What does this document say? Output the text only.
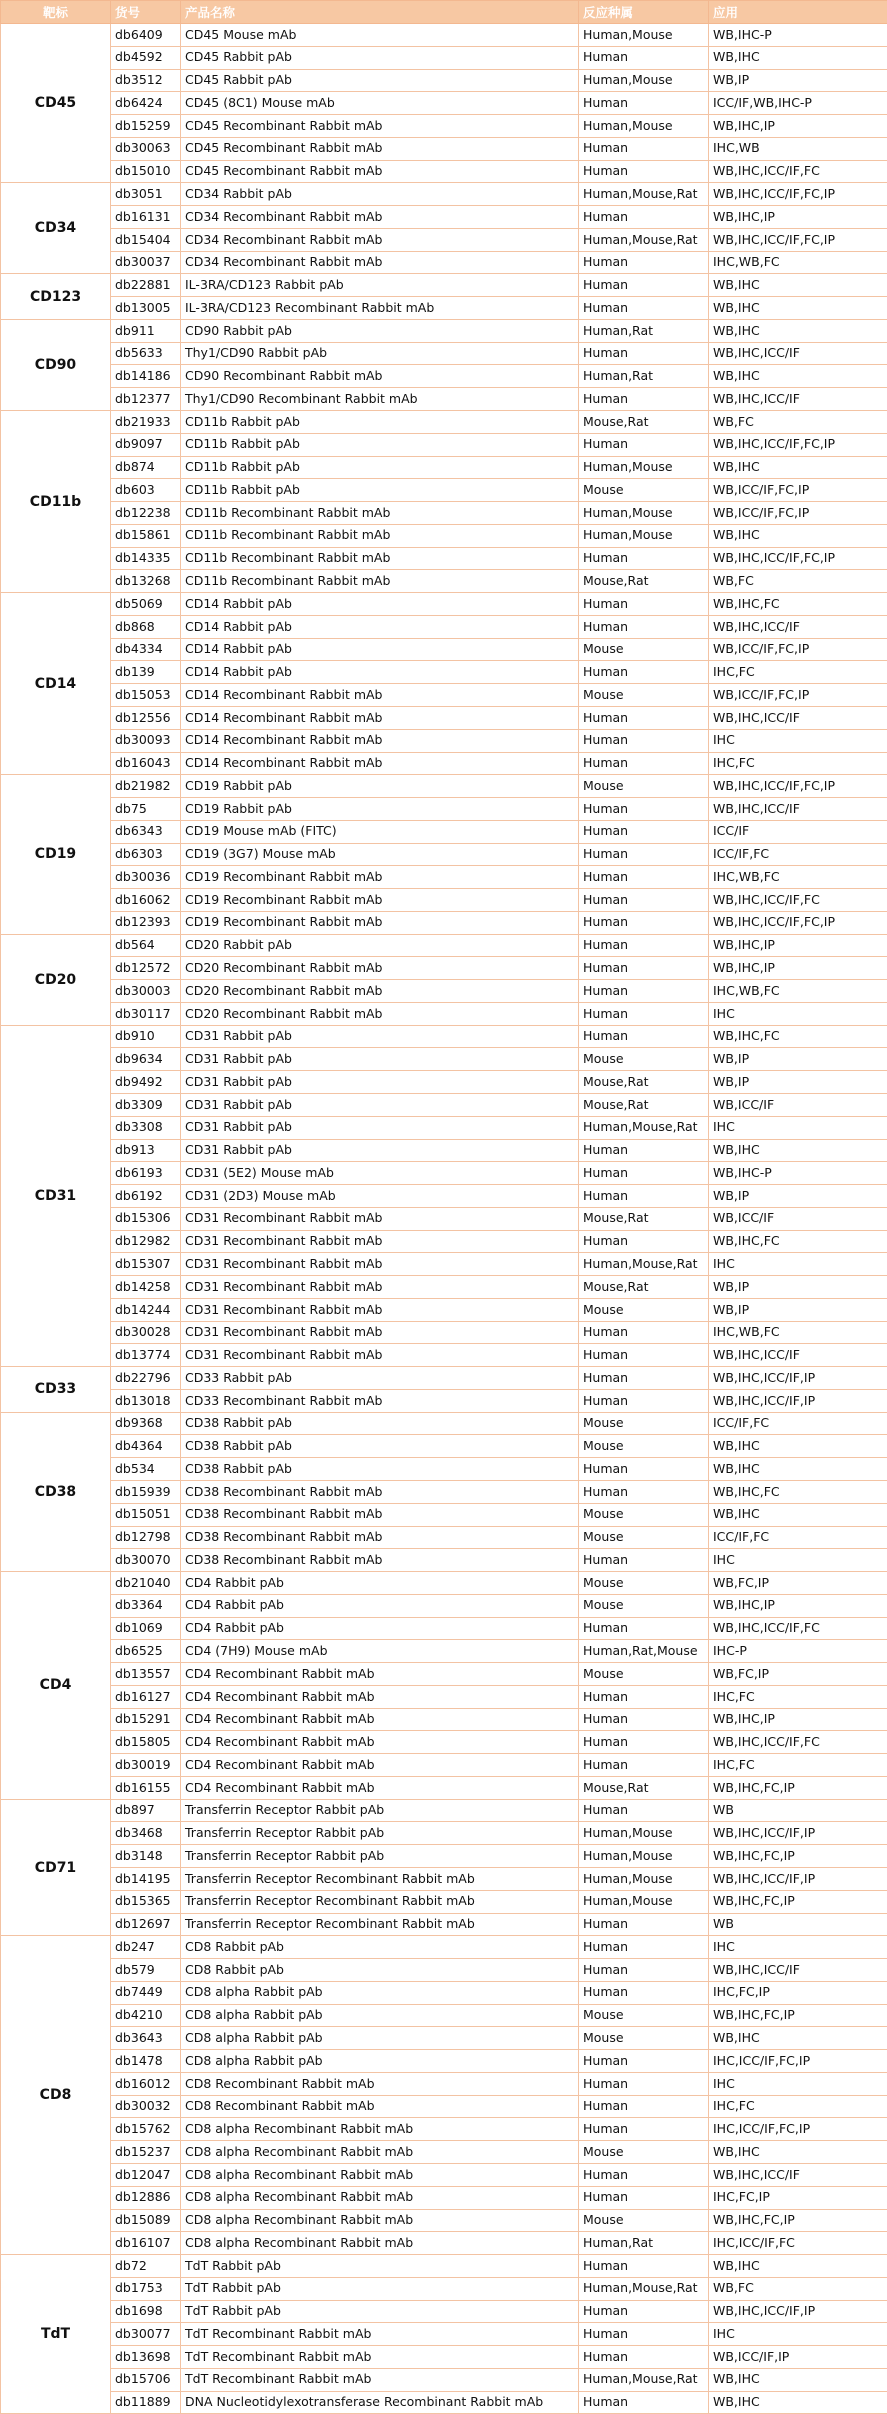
靶标	货号	产品名称	反应种属	应用
CD45	db6409	CD45 Mouse mAb	Human,Mouse	WB,IHC-P
	db4592	CD45 Rabbit pAb	Human	WB,IHC
	db3512	CD45 Rabbit pAb	Human,Mouse	WB,IP
	db6424	CD45 (8C1) Mouse mAb	Human	ICC/IF,WB,IHC-P
	db15259	CD45 Recombinant Rabbit mAb	Human,Mouse	WB,IHC,IP
	db30063	CD45 Recombinant Rabbit mAb	Human	IHC,WB
	db15010	CD45 Recombinant Rabbit mAb	Human	WB,IHC,ICC/IF,FC
CD34	db3051	CD34 Rabbit pAb	Human,Mouse,Rat	WB,IHC,ICC/IF,FC,IP
	db16131	CD34 Recombinant Rabbit mAb	Human	WB,IHC,IP
	db15404	CD34 Recombinant Rabbit mAb	Human,Mouse,Rat	WB,IHC,ICC/IF,FC,IP
	db30037	CD34 Recombinant Rabbit mAb	Human	IHC,WB,FC
CD123	db22881	IL-3RA/CD123 Rabbit pAb	Human	WB,IHC
	db13005	IL-3RA/CD123 Recombinant Rabbit mAb	Human	WB,IHC
CD90	db911	CD90 Rabbit pAb	Human,Rat	WB,IHC
	db5633	Thy1/CD90 Rabbit pAb	Human	WB,IHC,ICC/IF
	db14186	CD90 Recombinant Rabbit mAb	Human,Rat	WB,IHC
	db12377	Thy1/CD90 Recombinant Rabbit mAb	Human	WB,IHC,ICC/IF
CD11b	db21933	CD11b Rabbit pAb	Mouse,Rat	WB,FC
	db9097	CD11b Rabbit pAb	Human	WB,IHC,ICC/IF,FC,IP
	db874	CD11b Rabbit pAb	Human,Mouse	WB,IHC
	db603	CD11b Rabbit pAb	Mouse	WB,ICC/IF,FC,IP
	db12238	CD11b Recombinant Rabbit mAb	Human,Mouse	WB,ICC/IF,FC,IP
	db15861	CD11b Recombinant Rabbit mAb	Human,Mouse	WB,IHC
	db14335	CD11b Recombinant Rabbit mAb	Human	WB,IHC,ICC/IF,FC,IP
	db13268	CD11b Recombinant Rabbit mAb	Mouse,Rat	WB,FC
CD14	db5069	CD14 Rabbit pAb	Human	WB,IHC,FC
	db868	CD14 Rabbit pAb	Human	WB,IHC,ICC/IF
	db4334	CD14 Rabbit pAb	Mouse	WB,ICC/IF,FC,IP
	db139	CD14 Rabbit pAb	Human	IHC,FC
	db15053	CD14 Recombinant Rabbit mAb	Mouse	WB,ICC/IF,FC,IP
	db12556	CD14 Recombinant Rabbit mAb	Human	WB,IHC,ICC/IF
	db30093	CD14 Recombinant Rabbit mAb	Human	IHC
	db16043	CD14 Recombinant Rabbit mAb	Human	IHC,FC
CD19	db21982	CD19 Rabbit pAb	Mouse	WB,IHC,ICC/IF,FC,IP
	db75	CD19 Rabbit pAb	Human	WB,IHC,ICC/IF
	db6343	CD19 Mouse mAb (FITC)	Human	ICC/IF
	db6303	CD19 (3G7) Mouse mAb	Human	ICC/IF,FC
	db30036	CD19 Recombinant Rabbit mAb	Human	IHC,WB,FC
	db16062	CD19 Recombinant Rabbit mAb	Human	WB,IHC,ICC/IF,FC
	db12393	CD19 Recombinant Rabbit mAb	Human	WB,IHC,ICC/IF,FC,IP
CD20	db564	CD20 Rabbit pAb	Human	WB,IHC,IP
	db12572	CD20 Recombinant Rabbit mAb	Human	WB,IHC,IP
	db30003	CD20 Recombinant Rabbit mAb	Human	IHC,WB,FC
	db30117	CD20 Recombinant Rabbit mAb	Human	IHC
CD31	db910	CD31 Rabbit pAb	Human	WB,IHC,FC
	db9634	CD31 Rabbit pAb	Mouse	WB,IP
	db9492	CD31 Rabbit pAb	Mouse,Rat	WB,IP
	db3309	CD31 Rabbit pAb	Mouse,Rat	WB,ICC/IF
	db3308	CD31 Rabbit pAb	Human,Mouse,Rat	IHC
	db913	CD31 Rabbit pAb	Human	WB,IHC
	db6193	CD31 (5E2) Mouse mAb	Human	WB,IHC-P
	db6192	CD31 (2D3) Mouse mAb	Human	WB,IP
	db15306	CD31 Recombinant Rabbit mAb	Mouse,Rat	WB,ICC/IF
	db12982	CD31 Recombinant Rabbit mAb	Human	WB,IHC,FC
	db15307	CD31 Recombinant Rabbit mAb	Human,Mouse,Rat	IHC
	db14258	CD31 Recombinant Rabbit mAb	Mouse,Rat	WB,IP
	db14244	CD31 Recombinant Rabbit mAb	Mouse	WB,IP
	db30028	CD31 Recombinant Rabbit mAb	Human	IHC,WB,FC
	db13774	CD31 Recombinant Rabbit mAb	Human	WB,IHC,ICC/IF
CD33	db22796	CD33 Rabbit pAb	Human	WB,IHC,ICC/IF,IP
	db13018	CD33 Recombinant Rabbit mAb	Human	WB,IHC,ICC/IF,IP
CD38	db9368	CD38 Rabbit pAb	Mouse	ICC/IF,FC
	db4364	CD38 Rabbit pAb	Mouse	WB,IHC
	db534	CD38 Rabbit pAb	Human	WB,IHC
	db15939	CD38 Recombinant Rabbit mAb	Human	WB,IHC,FC
	db15051	CD38 Recombinant Rabbit mAb	Mouse	WB,IHC
	db12798	CD38 Recombinant Rabbit mAb	Mouse	ICC/IF,FC
	db30070	CD38 Recombinant Rabbit mAb	Human	IHC
CD4	db21040	CD4 Rabbit pAb	Mouse	WB,FC,IP
	db3364	CD4 Rabbit pAb	Mouse	WB,IHC,IP
	db1069	CD4 Rabbit pAb	Human	WB,IHC,ICC/IF,FC
	db6525	CD4 (7H9) Mouse mAb	Human,Rat,Mouse	IHC-P
	db13557	CD4 Recombinant Rabbit mAb	Mouse	WB,FC,IP
	db16127	CD4 Recombinant Rabbit mAb	Human	IHC,FC
	db15291	CD4 Recombinant Rabbit mAb	Human	WB,IHC,IP
	db15805	CD4 Recombinant Rabbit mAb	Human	WB,IHC,ICC/IF,FC
	db30019	CD4 Recombinant Rabbit mAb	Human	IHC,FC
	db16155	CD4 Recombinant Rabbit mAb	Mouse,Rat	WB,IHC,FC,IP
CD71	db897	Transferrin Receptor Rabbit pAb	Human	WB
	db3468	Transferrin Receptor Rabbit pAb	Human,Mouse	WB,IHC,ICC/IF,IP
	db3148	Transferrin Receptor Rabbit pAb	Human,Mouse	WB,IHC,FC,IP
	db14195	Transferrin Receptor Recombinant Rabbit mAb	Human,Mouse	WB,IHC,ICC/IF,IP
	db15365	Transferrin Receptor Recombinant Rabbit mAb	Human,Mouse	WB,IHC,FC,IP
	db12697	Transferrin Receptor Recombinant Rabbit mAb	Human	WB
CD8	db247	CD8 Rabbit pAb	Human	IHC
	db579	CD8 Rabbit pAb	Human	WB,IHC,ICC/IF
	db7449	CD8 alpha Rabbit pAb	Human	IHC,FC,IP
	db4210	CD8 alpha Rabbit pAb	Mouse	WB,IHC,FC,IP
	db3643	CD8 alpha Rabbit pAb	Mouse	WB,IHC
	db1478	CD8 alpha Rabbit pAb	Human	IHC,ICC/IF,FC,IP
	db16012	CD8 Recombinant Rabbit mAb	Human	IHC
	db30032	CD8 Recombinant Rabbit mAb	Human	IHC,FC
	db15762	CD8 alpha Recombinant Rabbit mAb	Human	IHC,ICC/IF,FC,IP
	db15237	CD8 alpha Recombinant Rabbit mAb	Mouse	WB,IHC
	db12047	CD8 alpha Recombinant Rabbit mAb	Human	WB,IHC,ICC/IF
	db12886	CD8 alpha Recombinant Rabbit mAb	Human	IHC,FC,IP
	db15089	CD8 alpha Recombinant Rabbit mAb	Mouse	WB,IHC,FC,IP
	db16107	CD8 alpha Recombinant Rabbit mAb	Human,Rat	IHC,ICC/IF,FC
TdT	db72	TdT Rabbit pAb	Human	WB,IHC
	db1753	TdT Rabbit pAb	Human,Mouse,Rat	WB,FC
	db1698	TdT Rabbit pAb	Human	WB,IHC,ICC/IF,IP
	db30077	TdT Recombinant Rabbit mAb	Human	IHC
	db13698	TdT Recombinant Rabbit mAb	Human	WB,ICC/IF,IP
	db15706	TdT Recombinant Rabbit mAb	Human,Mouse,Rat	WB,IHC
	db11889	DNA Nucleotidylexotransferase Recombinant Rabbit mAb	Human	WB,IHC
